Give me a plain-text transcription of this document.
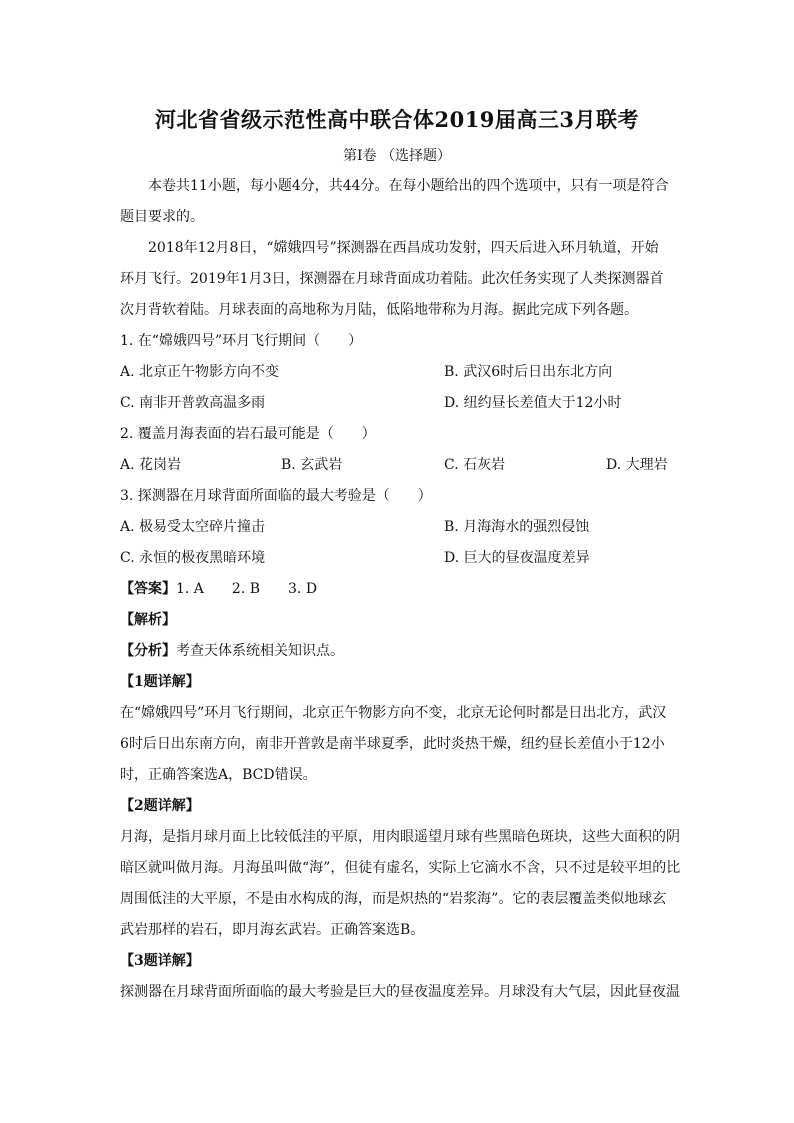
河北省省级示范性高中联合体2019届高三3月联考
第I卷 （选择题）
本卷共11小题，每小题4分，共44分。在每小题给出的四个选项中，只有一项是符合
题目要求的。
2018年12月8日，“嫦娥四号”探测器在西昌成功发射，四天后进入环月轨道，开始
环月飞行。2019年1月3日，探测器在月球背面成功着陆。此次任务实现了人类探测器首
次月背软着陆。月球表面的高地称为月陆，低陷地带称为月海。据此完成下列各题。
1. 在“嫦娥四号”环月飞行期间（　　）
A. 北京正午物影方向不变	B. 武汉6时后日出东北方向
C. 南非开普敦高温多雨	D. 纽约昼长差值大于12小时
2. 覆盖月海表面的岩石最可能是（　　）
A. 花岗岩	B. 玄武岩	C. 石灰岩	D. 大理岩
3. 探测器在月球背面所面临的最大考验是（　　）
A. 极易受太空碎片撞击	B. 月海海水的强烈侵蚀
C. 永恒的极夜黑暗环境	D. 巨大的昼夜温度差异
【答案】1. A　　2. B　　3. D
【解析】
【分析】考查天体系统相关知识点。
【1题详解】
在“嫦娥四号”环月飞行期间，北京正午物影方向不变，北京无论何时都是日出北方，武汉
6时后日出东南方向，南非开普敦是南半球夏季，此时炎热干燥，纽约昼长差值小于12小
时，正确答案选A，BCD错误。
【2题详解】
月海，是指月球月面上比较低洼的平原，用肉眼遥望月球有些黑暗色斑块，这些大面积的阴
暗区就叫做月海。月海虽叫做“海”，但徒有虚名，实际上它滴水不含，只不过是较平坦的比
周围低洼的大平原，不是由水构成的海，而是炽热的“岩浆海”。它的表层覆盖类似地球玄
武岩那样的岩石，即月海玄武岩。正确答案选B。
【3题详解】
探测器在月球背面所面临的最大考验是巨大的昼夜温度差异。月球没有大气层，因此昼夜温
